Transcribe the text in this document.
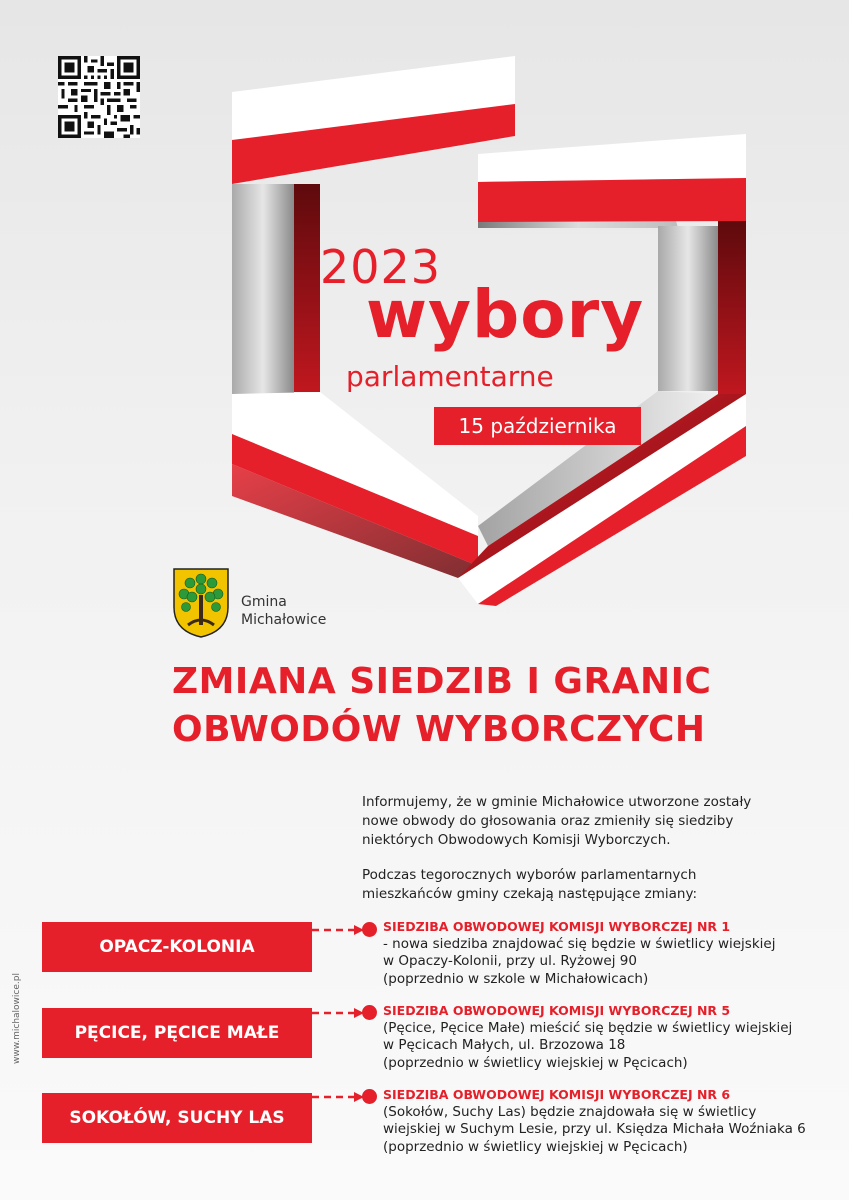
2023
wybory
parlamentarne
15 października
Gmina
Michałowice
ZMIANA SIEDZIB I GRANIC
OBWODÓW WYBORCZYCH

Informujemy, że w gminie Michałowice utworzone zostały
nowe obwody do głosowania oraz zmieniły się siedziby
niektórych Obwodowych Komisji Wyborczych.

Podczas tegorocznych wyborów parlamentarnych
mieszkańców gminy czekają następujące zmiany:

OPACZ-KOLONIA
SIEDZIBA OBWODOWEJ KOMISJI WYBORCZEJ NR 1
- nowa siedziba znajdować się będzie w świetlicy wiejskiej
w Opaczy-Kolonii, przy ul. Ryżowej 90
(poprzednio w szkole w Michałowicach)
PĘCICE, PĘCICE MAŁE
SIEDZIBA OBWODOWEJ KOMISJI WYBORCZEJ NR 5
(Pęcice, Pęcice Małe) mieścić się będzie w świetlicy wiejskiej
w Pęcicach Małych, ul. Brzozowa 18
(poprzednio w świetlicy wiejskiej w Pęcicach)
SOKOŁÓW, SUCHY LAS
SIEDZIBA OBWODOWEJ KOMISJI WYBORCZEJ NR 6
(Sokołów, Suchy Las) będzie znajdowała się w świetlicy
wiejskiej w Suchym Lesie, przy ul. Księdza Michała Woźniaka 6
(poprzednio w świetlicy wiejskiej w Pęcicach)
www.michalowice.pl
